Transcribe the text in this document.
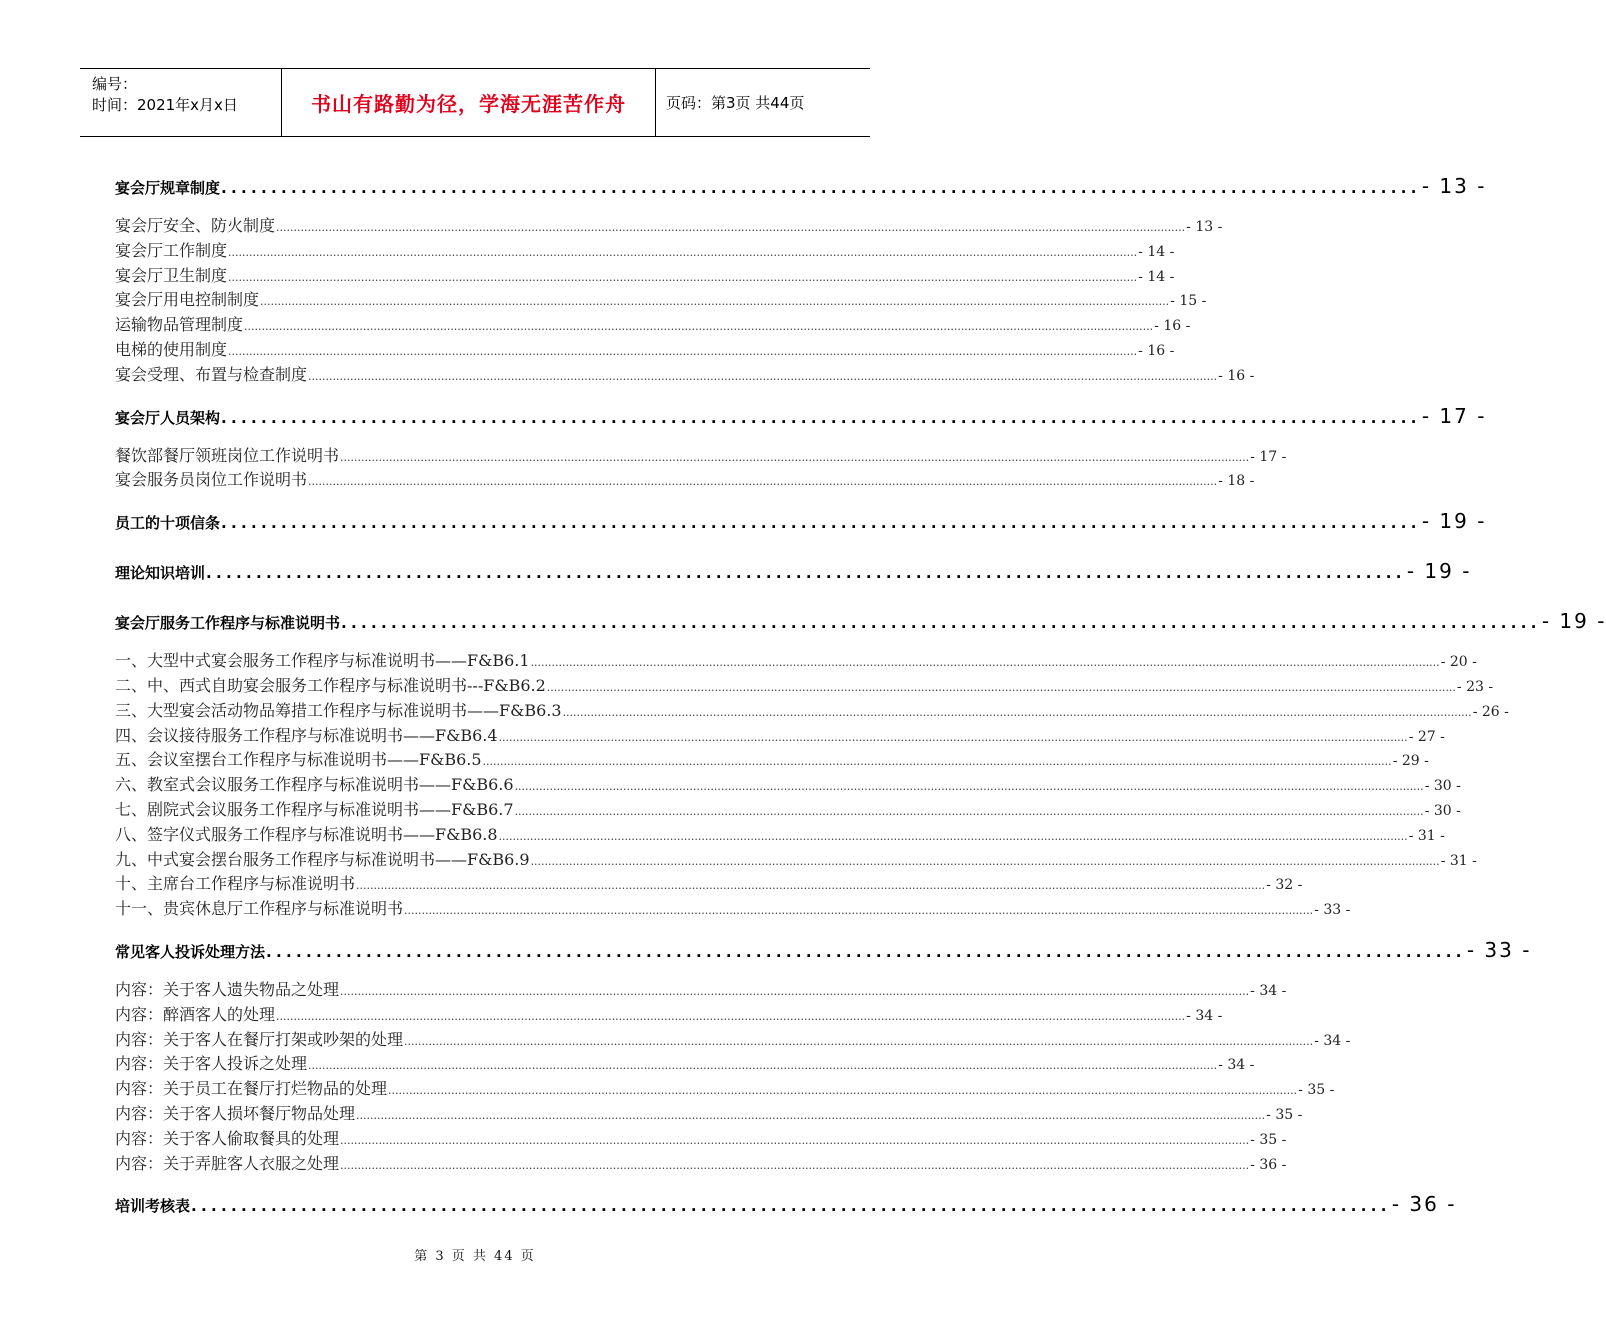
编号：
时间：2021年x月x日	书山有路勤为径，学海无涯苦作舟	页码：第3页 共44页
宴会厅规章制度 ........................................................................................................................ - 13 -
宴会厅安全、防火制度 .................................................................................................................................................................................................................................................................... - 13 -
宴会厅工作制度 .................................................................................................................................................................................................................................................................... - 14 -
宴会厅卫生制度 .................................................................................................................................................................................................................................................................... - 14 -
宴会厅用电控制制度 .................................................................................................................................................................................................................................................................... - 15 -
运输物品管理制度 .................................................................................................................................................................................................................................................................... - 16 -
电梯的使用制度 .................................................................................................................................................................................................................................................................... - 16 -
宴会受理、布置与检查制度 .................................................................................................................................................................................................................................................................... - 16 -
宴会厅人员架构 ........................................................................................................................ - 17 -
餐饮部餐厅领班岗位工作说明书 .................................................................................................................................................................................................................................................................... - 17 -
宴会服务员岗位工作说明书 .................................................................................................................................................................................................................................................................... - 18 -
员工的十项信条 ........................................................................................................................ - 19 -
理论知识培训 ........................................................................................................................ - 19 -
宴会厅服务工作程序与标准说明书 ........................................................................................................................ - 19 -
一、大型中式宴会服务工作程序与标准说明书——F&B6.1 .................................................................................................................................................................................................................................................................... - 20 -
二、中、西式自助宴会服务工作程序与标准说明书---F&B6.2 .................................................................................................................................................................................................................................................................... - 23 -
三、大型宴会活动物品筹措工作程序与标准说明书——F&B6.3 .................................................................................................................................................................................................................................................................... - 26 -
四、会议接待服务工作程序与标准说明书——F&B6.4 .................................................................................................................................................................................................................................................................... - 27 -
五、会议室摆台工作程序与标准说明书——F&B6.5 .................................................................................................................................................................................................................................................................... - 29 -
六、教室式会议服务工作程序与标准说明书——F&B6.6 .................................................................................................................................................................................................................................................................... - 30 -
七、剧院式会议服务工作程序与标准说明书——F&B6.7 .................................................................................................................................................................................................................................................................... - 30 -
八、签字仪式服务工作程序与标准说明书——F&B6.8 .................................................................................................................................................................................................................................................................... - 31 -
九、中式宴会摆台服务工作程序与标准说明书——F&B6.9 .................................................................................................................................................................................................................................................................... - 31 -
十、主席台工作程序与标准说明书 .................................................................................................................................................................................................................................................................... - 32 -
十一、贵宾休息厅工作程序与标准说明书 .................................................................................................................................................................................................................................................................... - 33 -
常见客人投诉处理方法 ........................................................................................................................ - 33 -
内容：关于客人遗失物品之处理 .................................................................................................................................................................................................................................................................... - 34 -
内容：醉酒客人的处理 .................................................................................................................................................................................................................................................................... - 34 -
内容：关于客人在餐厅打架或吵架的处理 .................................................................................................................................................................................................................................................................... - 34 -
内容：关于客人投诉之处理 .................................................................................................................................................................................................................................................................... - 34 -
内容：关于员工在餐厅打烂物品的处理 .................................................................................................................................................................................................................................................................... - 35 -
内容：关于客人损坏餐厅物品处理 .................................................................................................................................................................................................................................................................... - 35 -
内容：关于客人偷取餐具的处理 .................................................................................................................................................................................................................................................................... - 35 -
内容：关于弄脏客人衣服之处理 .................................................................................................................................................................................................................................................................... - 36 -
培训考核表 ........................................................................................................................ - 36 -
第 3 页 共 44 页
